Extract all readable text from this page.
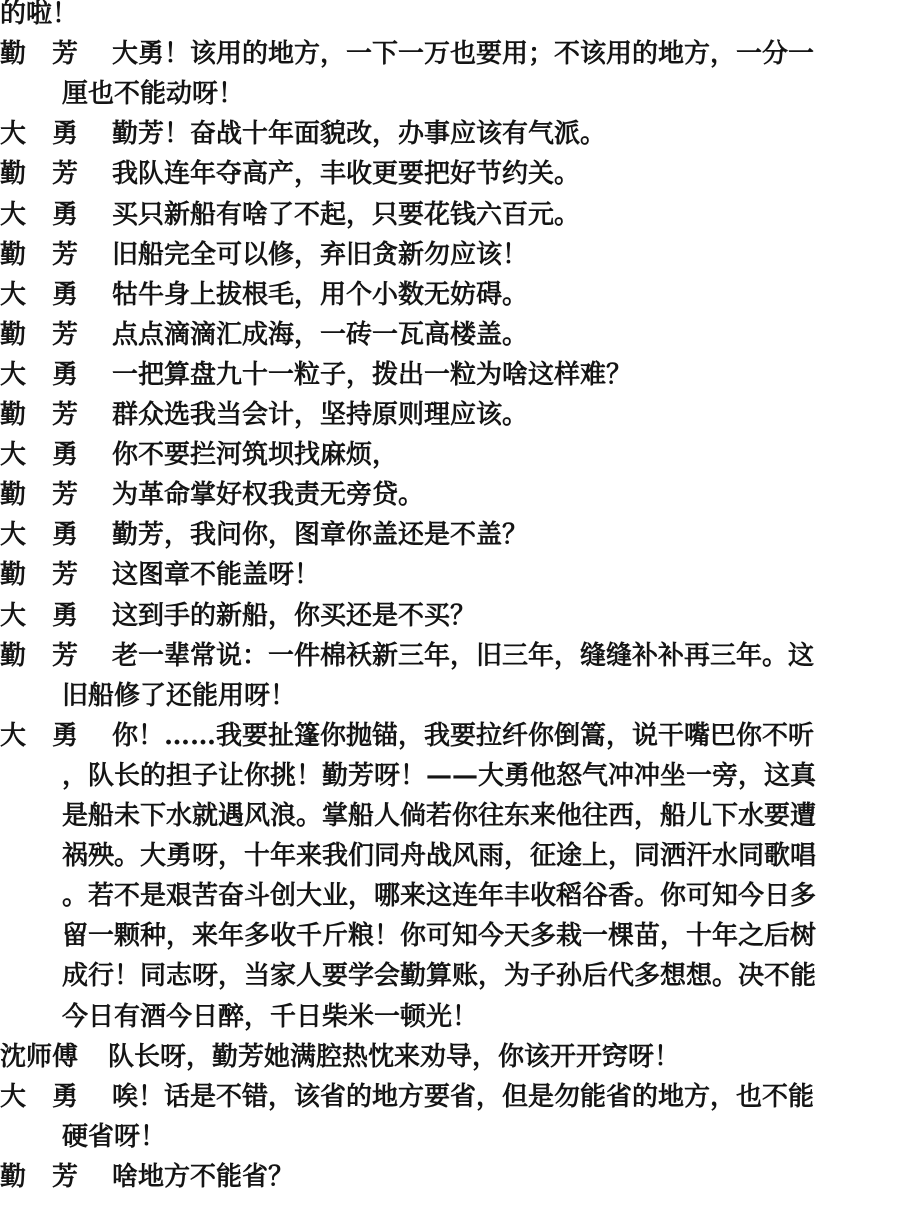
的啦！
勤　芳 大勇！该用的地方，一下一万也要用；不该用的地方，一分一
厘也不能动呀！
大　勇 勤芳！奋战十年面貌改，办事应该有气派。
勤　芳 我队连年夺高产，丰收更要把好节约关。
大　勇 买只新船有啥了不起，只要花钱六百元。
勤　芳 旧船完全可以修，弃旧贪新勿应该！
大　勇 牯牛身上拔根毛，用个小数无妨碍。
勤　芳 点点滴滴汇成海，一砖一瓦高楼盖。
大　勇 一把算盘九十一粒子，拨出一粒为啥这样难？
勤　芳 群众选我当会计，坚持原则理应该。
大　勇 你不要拦河筑坝找麻烦，
勤　芳 为革命掌好权我责无旁贷。
大　勇 勤芳，我问你，图章你盖还是不盖？
勤　芳 这图章不能盖呀！
大　勇 这到手的新船，你买还是不买？
勤　芳 老一辈常说：一件棉袄新三年，旧三年，缝缝补补再三年。这
旧船修了还能用呀！
大　勇 你！……我要扯篷你抛锚，我要拉纤你倒篙，说干嘴巴你不听
，队长的担子让你挑！勤芳呀！——大勇他怒气冲冲坐一旁，这真
是船未下水就遇风浪。掌船人倘若你往东来他往西，船儿下水要遭
祸殃。大勇呀，十年来我们同舟战风雨，征途上，同洒汗水同歌唱
。若不是艰苦奋斗创大业，哪来这连年丰收稻谷香。你可知今日多
留一颗种，来年多收千斤粮！你可知今天多栽一棵苗，十年之后树
成行！同志呀，当家人要学会勤算账，为子孙后代多想想。决不能
今日有酒今日醉，千日柴米一顿光！
沈师傅 队长呀，勤芳她满腔热忱来劝导，你该开开窍呀！
大　勇 唉！话是不错，该省的地方要省，但是勿能省的地方，也不能
硬省呀！
勤　芳 啥地方不能省？
